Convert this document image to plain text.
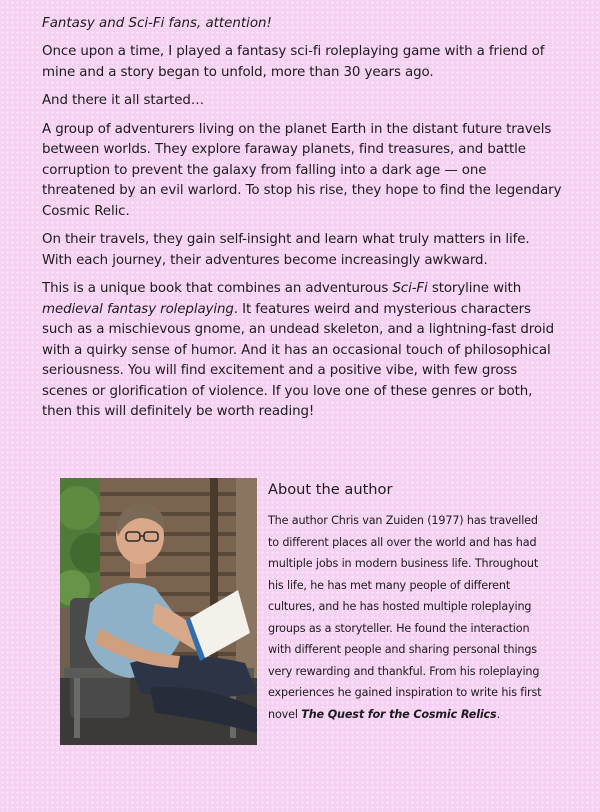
Fantasy and Sci-Fi fans, attention!

Once upon a time, I played a fantasy sci-fi roleplaying game with a friend of mine and a story began to unfold, more than 30 years ago.

And there it all started…

A group of adventurers living on the planet Earth in the distant future travels between worlds. They explore faraway planets, find treasures, and battle corruption to prevent the galaxy from falling into a dark age — one threatened by an evil warlord. To stop his rise, they hope to find the legendary Cosmic Relic.

On their travels, they gain self-insight and learn what truly matters in life. With each journey, their adventures become increasingly awkward.

This is a unique book that combines an adventurous Sci-Fi storyline with medieval fantasy roleplaying. It features weird and mysterious characters such as a mischievous gnome, an undead skeleton, and a lightning-fast droid with a quirky sense of humor. And it has an occasional touch of philosophical seriousness. You will find excitement and a positive vibe, with few gross scenes or glorification of violence. If you love one of these genres or both, then this will definitely be worth reading!

About the author

The author Chris van Zuiden (1977) has travelled to different places all over the world and has had multiple jobs in modern business life. Throughout his life, he has met many people of different cultures, and he has hosted multiple roleplaying groups as a storyteller. He found the interaction with different people and sharing personal things very rewarding and thankful. From his roleplaying experiences he gained inspiration to write his first novel The Quest for the Cosmic Relics.
